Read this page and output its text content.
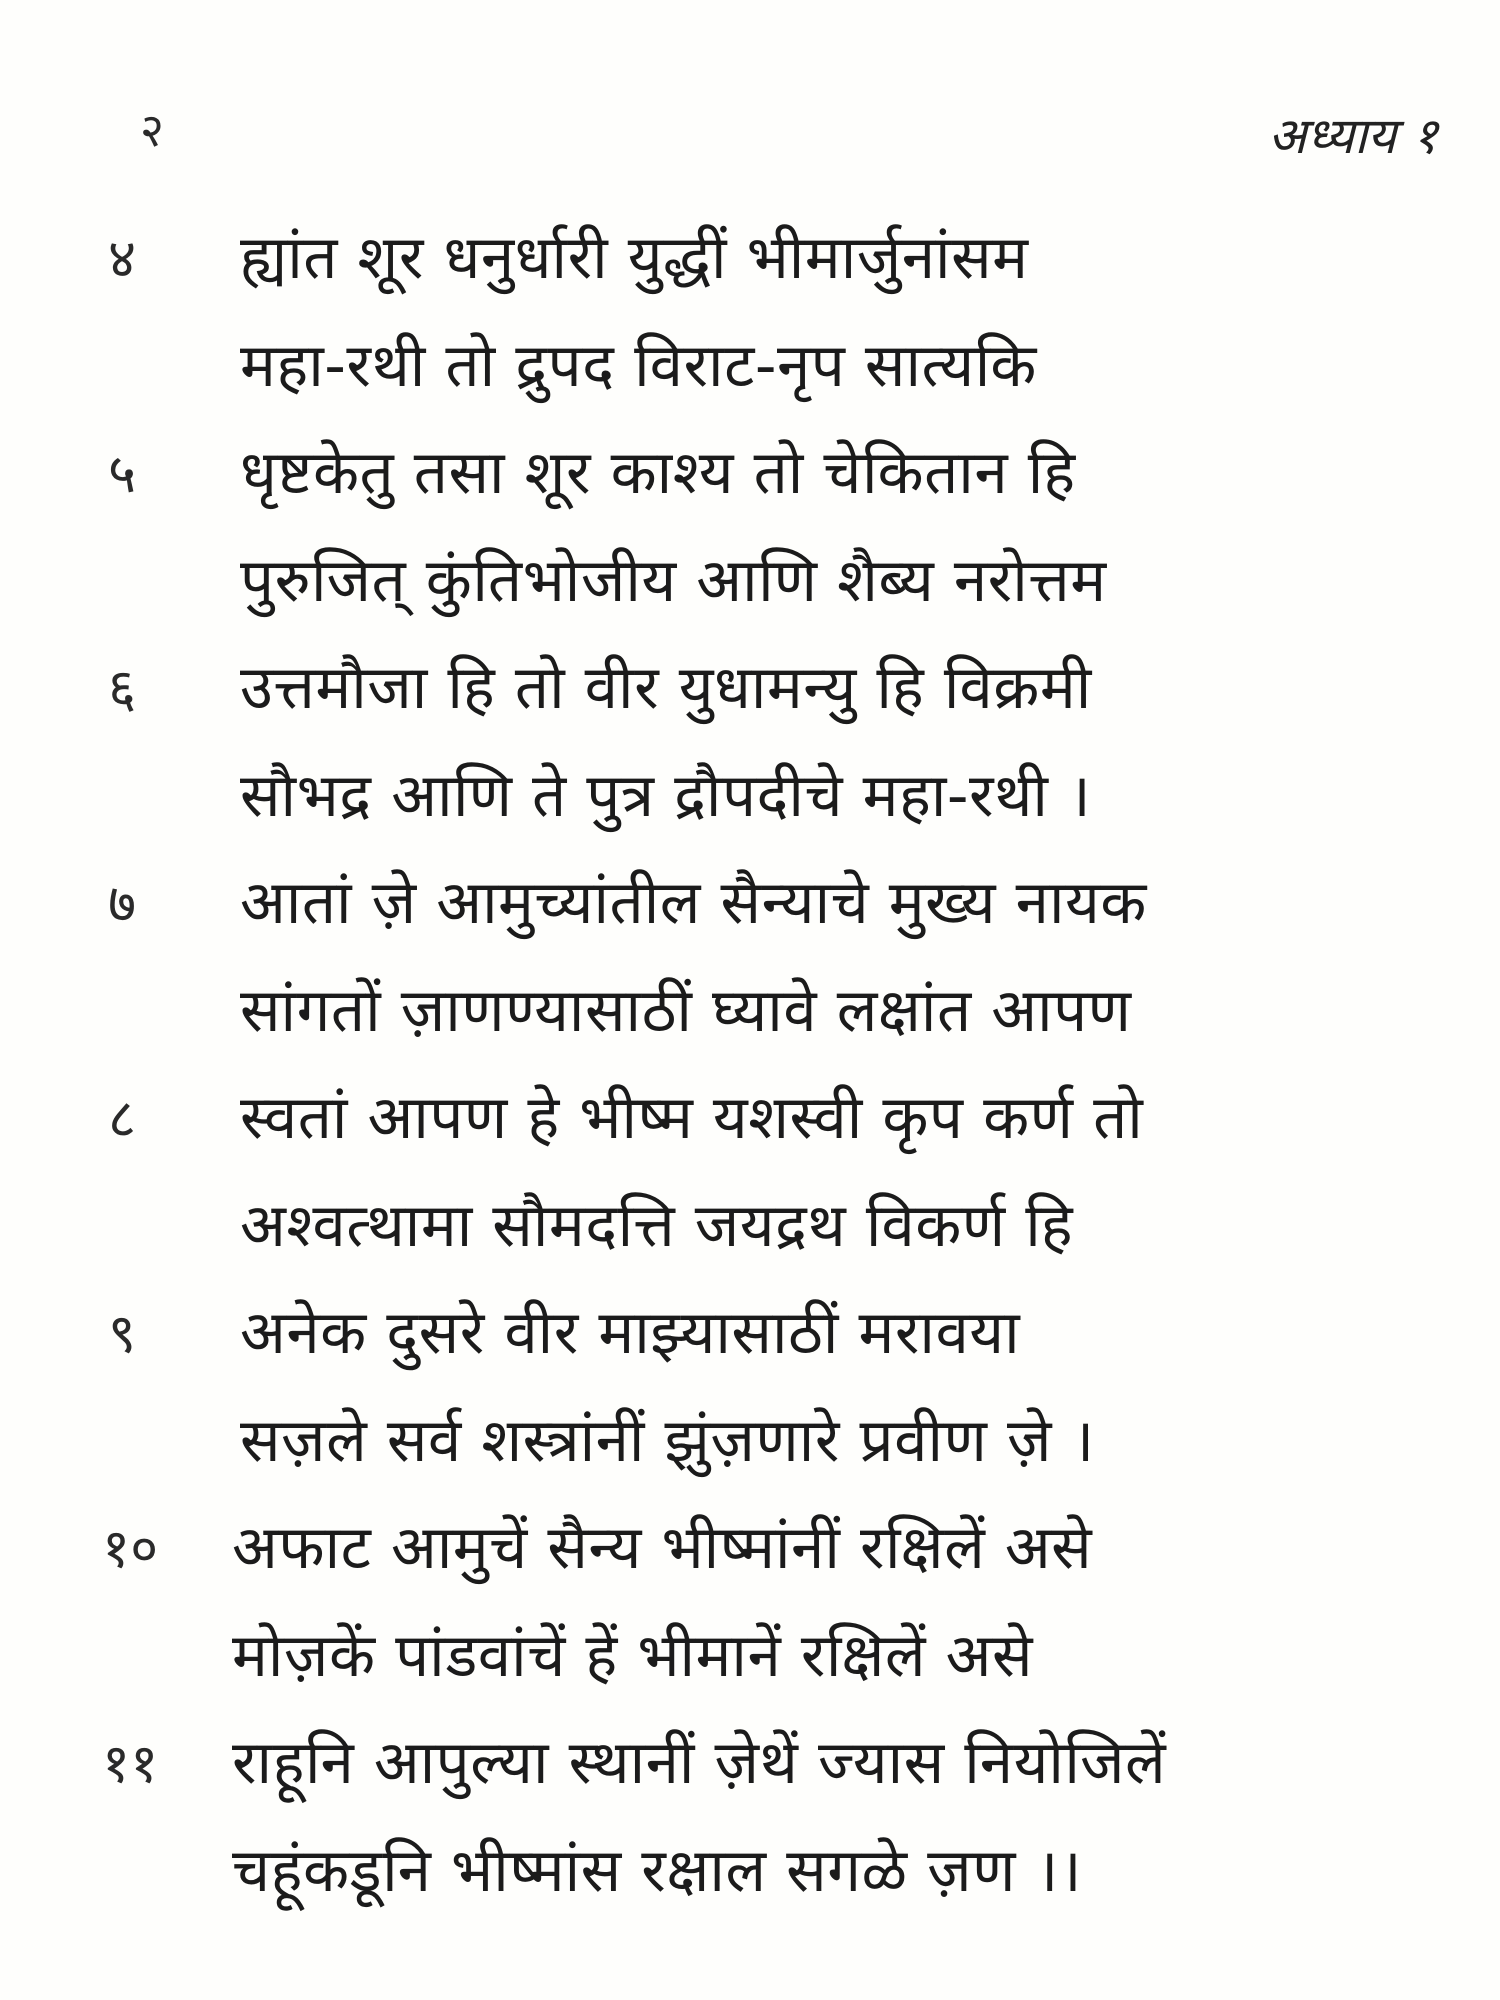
२	अध्याय १
४	ह्यांत शूर धनुर्धारी युद्धीं भीमार्जुनांसम
महा-रथी तो द्रुपद विराट-नृप सात्यकि
५	धृष्टकेतु तसा शूर काश्य तो चेकितान हि
पुरुजित् कुंतिभोजीय आणि शैब्य नरोत्तम
६	उत्तमौजा हि तो वीर युधामन्यु हि विक्रमी
सौभद्र आणि ते पुत्र द्रौपदीचे महा-रथी ।
७	आतां ज़े आमुच्यांतील सैन्याचे मुख्य नायक
सांगतों ज़ाणण्यासाठीं घ्यावे लक्षांत आपण
८	स्वतां आपण हे भीष्म यशस्वी कृप कर्ण तो
अश्वत्थामा सौमदत्ति जयद्रथ विकर्ण हि
९	अनेक दुसरे वीर माझ्यासाठीं मरावया
सज़ले सर्व शस्त्रांनीं झुंज़णारे प्रवीण ज़े ।
१०	अफाट आमुचें सैन्य भीष्मांनीं रक्षिलें असे
मोज़कें पांडवांचें हें भीमानें रक्षिलें असे
११	राहूनि आपुल्या स्थानीं ज़ेथें ज्यास नियोजिलें
चहूंकडूनि भीष्मांस रक्षाल सगळे ज़ण ।।
